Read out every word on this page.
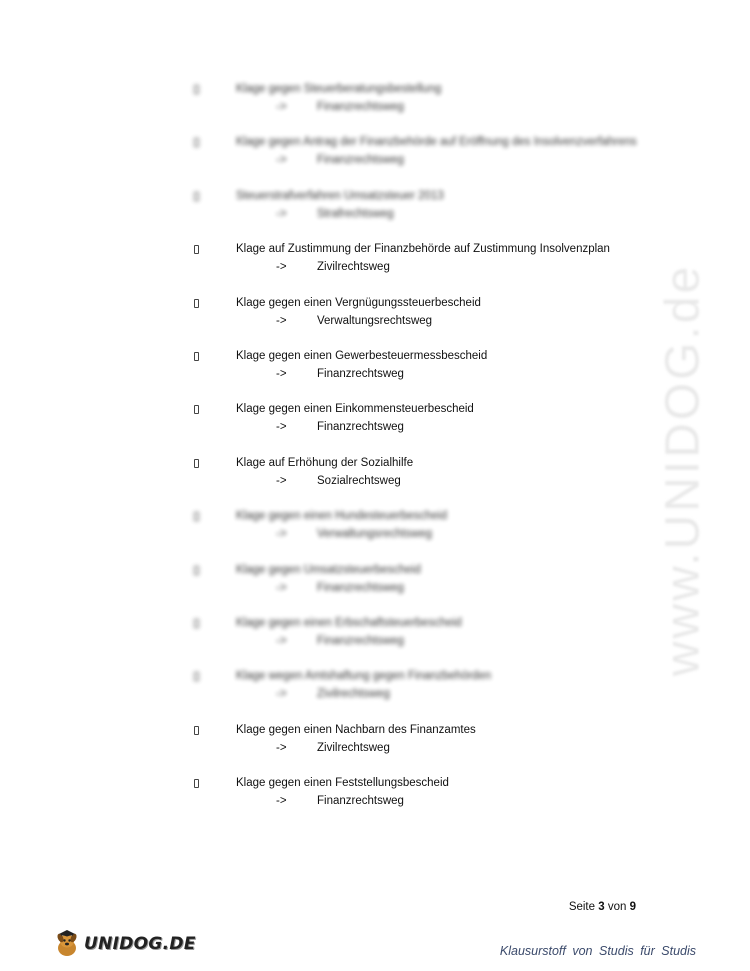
www.UNIDOG.de
Klage gegen Steuerberatungsbestellung
->	Finanzrechtsweg
Klage gegen Antrag der Finanzbehörde auf Eröffnung des Insolvenzverfahrens
->	Finanzrechtsweg
Steuerstrafverfahren Umsatzsteuer 2013
->	Strafrechtsweg
Klage auf Zustimmung der Finanzbehörde auf Zustimmung Insolvenzplan
->	Zivilrechtsweg
Klage gegen einen Vergnügungssteuerbescheid
->	Verwaltungsrechtsweg
Klage gegen einen Gewerbesteuermessbescheid
->	Finanzrechtsweg
Klage gegen einen Einkommensteuerbescheid
->	Finanzrechtsweg
Klage auf Erhöhung der Sozialhilfe
->	Sozialrechtsweg
Klage gegen einen Hundesteuerbescheid
->	Verwaltungsrechtsweg
Klage gegen Umsatzsteuerbescheid
->	Finanzrechtsweg
Klage gegen einen Erbschaftsteuerbescheid
->	Finanzrechtsweg
Klage wegen Amtshaftung gegen Finanzbehörden
->	Zivilrechtsweg
Klage gegen einen Nachbarn des Finanzamtes
->	Zivilrechtsweg
Klage gegen einen Feststellungsbescheid
->	Finanzrechtsweg
Seite 3 von 9
UNIDOG.DE	Klausurstoff von Studis für Studis
